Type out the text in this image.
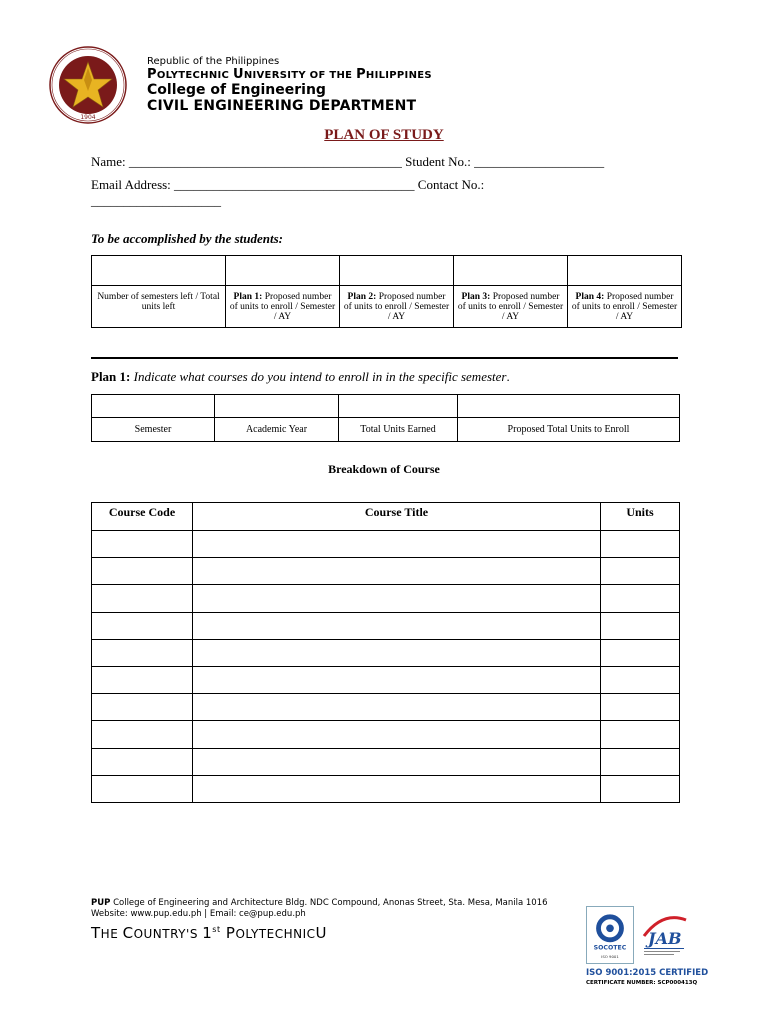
1904
Republic of the Philippines
POLYTECHNIC UNIVERSITY OF THE PHILIPPINES
College of Engineering
CIVIL ENGINEERING DEPARTMENT
PLAN OF STUDY
Name: __________________________________________ Student No.: ____________________
Email Address: _____________________________________ Contact No.:
____________________
To be accomplished by the students:

Number of semesters left / Total units left	Plan 1: Proposed number of units to enroll / Semester / AY	Plan 2: Proposed number of units to enroll / Semester / AY	Plan 3: Proposed number of units to enroll / Semester / AY	Plan 4: Proposed number of units to enroll / Semester / AY
Plan 1: Indicate what courses do you intend to enroll in in the specific semester.

Semester	Academic Year	Total Units Earned	Proposed Total Units to Enroll
Breakdown of Course
Course Code	Course Title	Units

PUP College of Engineering and Architecture Bldg. NDC Compound, Anonas Street, Sta. Mesa, Manila 1016
Website: www.pup.edu.ph | Email: ce@pup.edu.ph
THE COUNTRY'S 1st POLYTECHNICU
SOCOTEC
ISO 9001
JAB
ISO 9001:2015 CERTIFIED
CERTIFICATE NUMBER: SCP000413Q
